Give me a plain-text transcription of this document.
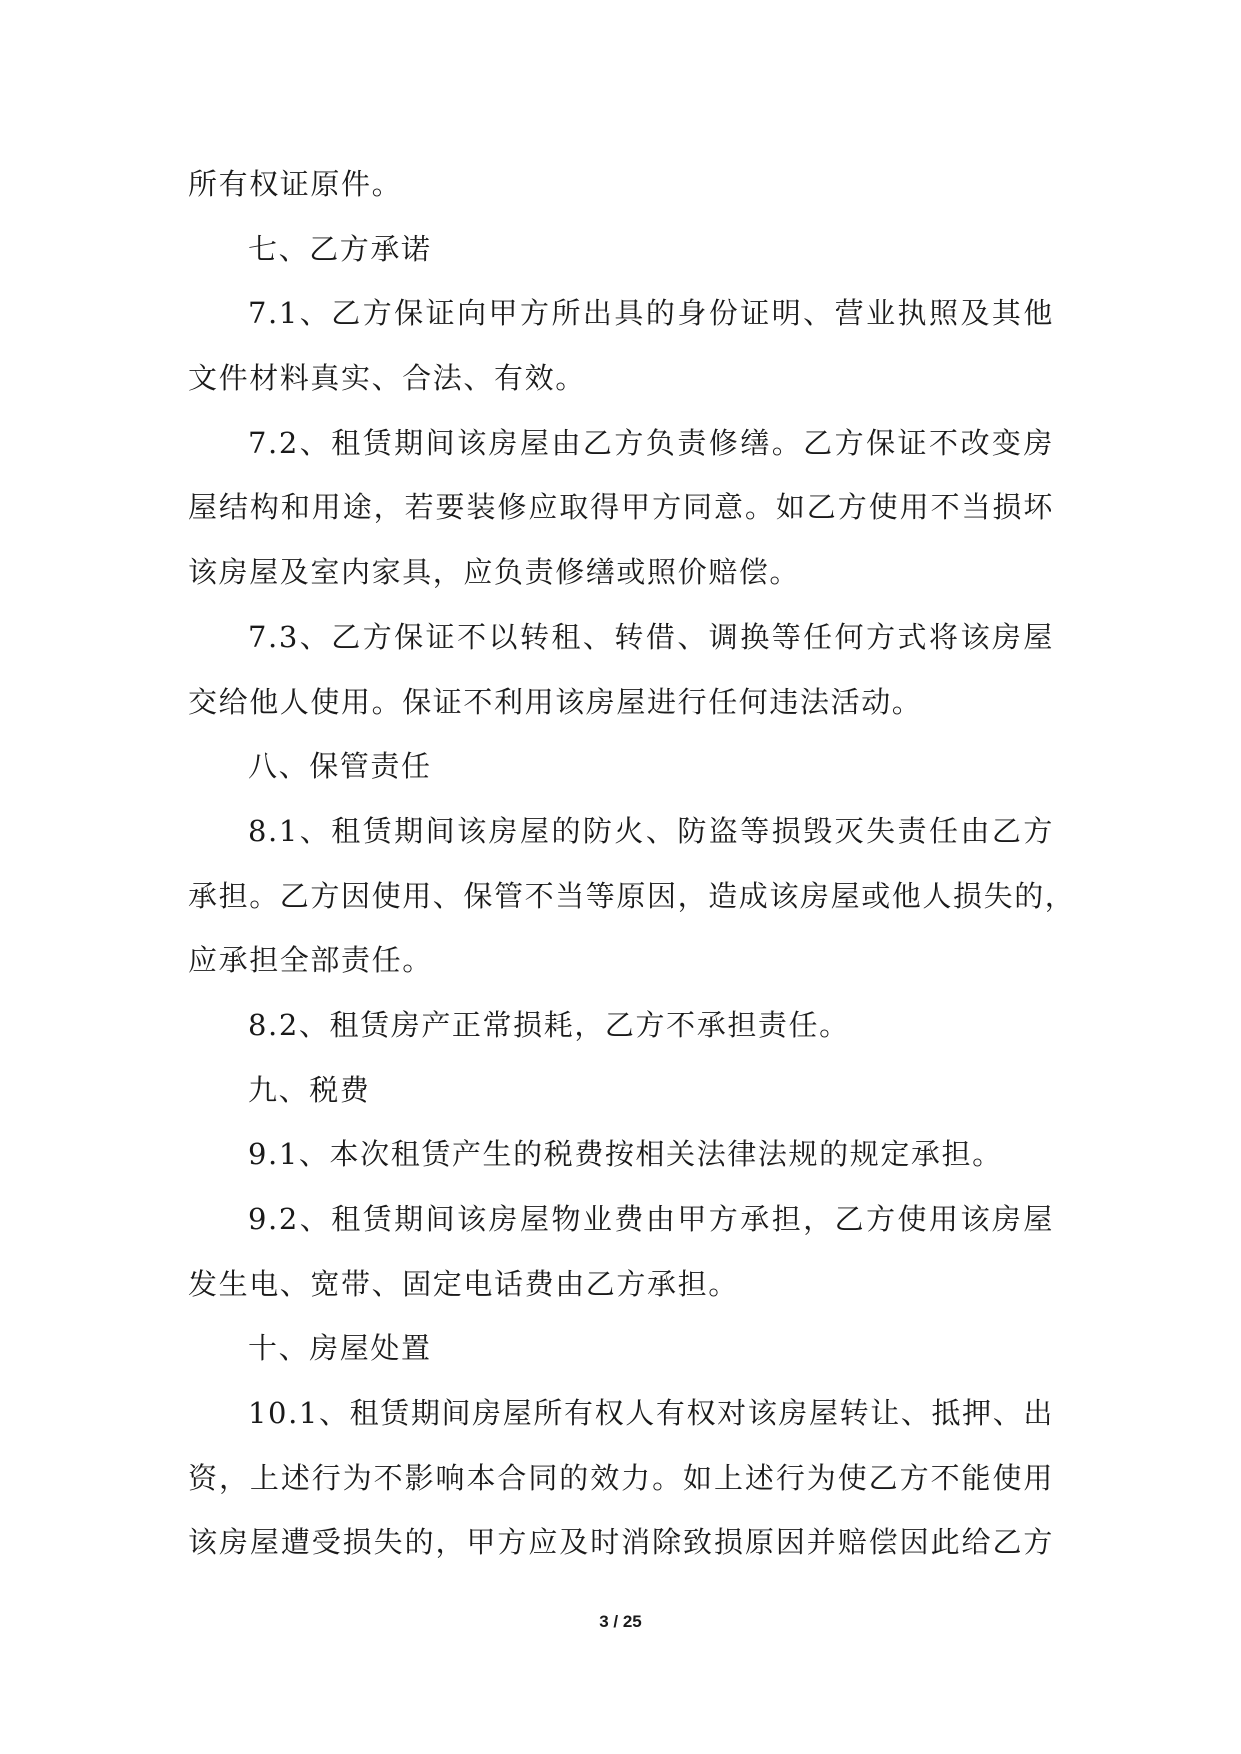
所有权证原件。
七、乙方承诺
7.1、乙方保证向甲方所出具的身份证明、营业执照及其他
文件材料真实、合法、有效。
7.2、租赁期间该房屋由乙方负责修缮。乙方保证不改变房
屋结构和用途，若要装修应取得甲方同意。如乙方使用不当损坏
该房屋及室内家具，应负责修缮或照价赔偿。
7.3、乙方保证不以转租、转借、调换等任何方式将该房屋
交给他人使用。保证不利用该房屋进行任何违法活动。
八、保管责任
8.1、租赁期间该房屋的防火、防盗等损毁灭失责任由乙方
承担。乙方因使用、保管不当等原因，造成该房屋或他人损失的，
应承担全部责任。
8.2、租赁房产正常损耗，乙方不承担责任。
九、税费
9.1、本次租赁产生的税费按相关法律法规的规定承担。
9.2、租赁期间该房屋物业费由甲方承担，乙方使用该房屋
发生电、宽带、固定电话费由乙方承担。
十、房屋处置
10.1、租赁期间房屋所有权人有权对该房屋转让、抵押、出
资，上述行为不影响本合同的效力。如上述行为使乙方不能使用
该房屋遭受损失的，甲方应及时消除致损原因并赔偿因此给乙方
3 / 25
